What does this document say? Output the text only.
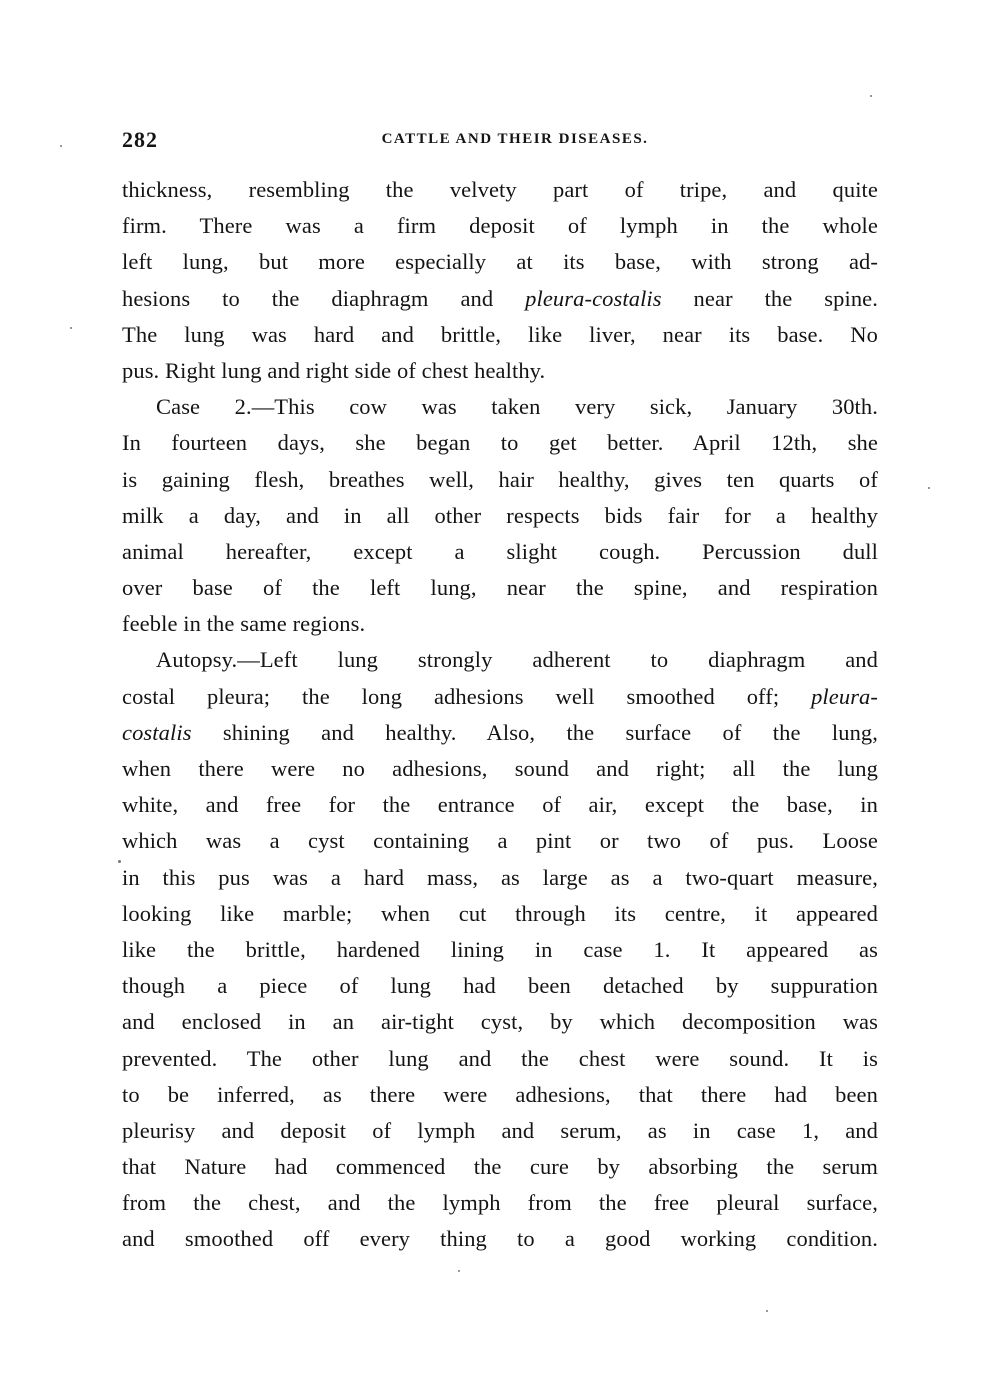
282	CATTLE AND THEIR DISEASES.
thickness, resembling the velvety part of tripe, and quite
firm. There was a firm deposit of lymph in the whole
left lung, but more especially at its base, with strong ad-
hesions to the diaphragm and pleura-costalis near the spine.
The lung was hard and brittle, like liver, near its base. No
pus. Right lung and right side of chest healthy.
Case 2.—This cow was taken very sick, January 30th.
In fourteen days, she began to get better. April 12th, she
is gaining flesh, breathes well, hair healthy, gives ten quarts of
milk a day, and in all other respects bids fair for a healthy
animal hereafter, except a slight cough. Percussion dull
over base of the left lung, near the spine, and respiration
feeble in the same regions.
Autopsy.—Left lung strongly adherent to diaphragm and
costal pleura; the long adhesions well smoothed off; pleura-
costalis shining and healthy. Also, the surface of the lung,
when there were no adhesions, sound and right; all the lung
white, and free for the entrance of air, except the base, in
which was a cyst containing a pint or two of pus. Loose
in this pus was a hard mass, as large as a two-quart measure,
looking like marble; when cut through its centre, it appeared
like the brittle, hardened lining in case 1. It appeared as
though a piece of lung had been detached by suppuration
and enclosed in an air-tight cyst, by which decomposition was
prevented. The other lung and the chest were sound. It is
to be inferred, as there were adhesions, that there had been
pleurisy and deposit of lymph and serum, as in case 1, and
that Nature had commenced the cure by absorbing the serum
from the chest, and the lymph from the free pleural surface,
and smoothed off every thing to a good working condition.
